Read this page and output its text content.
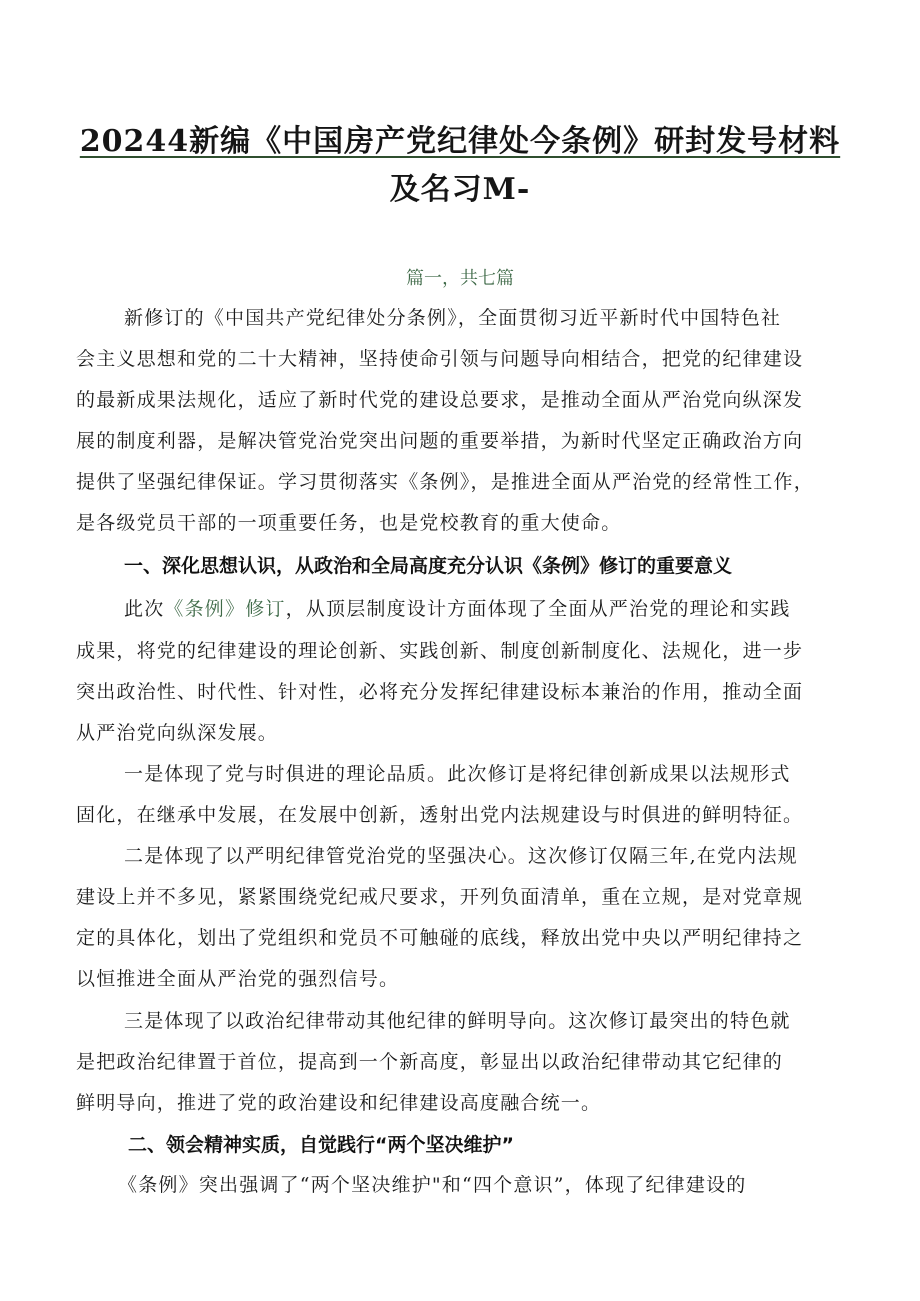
20244新编《中国房产党纪律处今条例》研封发号材料
及名习M-
篇一，共七篇
新修订的《中国共产党纪律处分条例》，全面贯彻习近平新时代中国特色社
会主义思想和党的二十大精神，坚持使命引领与问题导向相结合，把党的纪律建设
的最新成果法规化，适应了新时代党的建设总要求，是推动全面从严治党向纵深发
展的制度利器，是解决管党治党突出问题的重要举措，为新时代坚定正确政治方向
提供了坚强纪律保证。学习贯彻落实《条例》，是推进全面从严治党的经常性工作，
是各级党员干部的一项重要任务，也是党校教育的重大使命。
一、深化思想认识，从政治和全局高度充分认识《条例》修订的重要意义
此次《条例》修订，从顶层制度设计方面体现了全面从严治党的理论和实践
成果，将党的纪律建设的理论创新、实践创新、制度创新制度化、法规化，进一步
突出政治性、时代性、针对性，必将充分发挥纪律建设标本兼治的作用，推动全面
从严治党向纵深发展。
一是体现了党与时俱进的理论品质。此次修订是将纪律创新成果以法规形式
固化，在继承中发展，在发展中创新，透射出党内法规建设与时俱进的鲜明特征。
二是体现了以严明纪律管党治党的坚强决心。这次修订仅隔三年,在党内法规
建设上并不多见，紧紧围绕党纪戒尺要求，开列负面清单，重在立规，是对党章规
定的具体化，划出了党组织和党员不可触碰的底线，释放出党中央以严明纪律持之
以恒推进全面从严治党的强烈信号。
三是体现了以政治纪律带动其他纪律的鲜明导向。这次修订最突出的特色就
是把政治纪律置于首位，提高到一个新高度，彰显出以政治纪律带动其它纪律的
鲜明导向，推进了党的政治建设和纪律建设高度融合统一。
二、领会精神实质，自觉践行“两个坚决维护”
《条例》突出强调了“两个坚决维护"和“四个意识”，体现了纪律建设的
